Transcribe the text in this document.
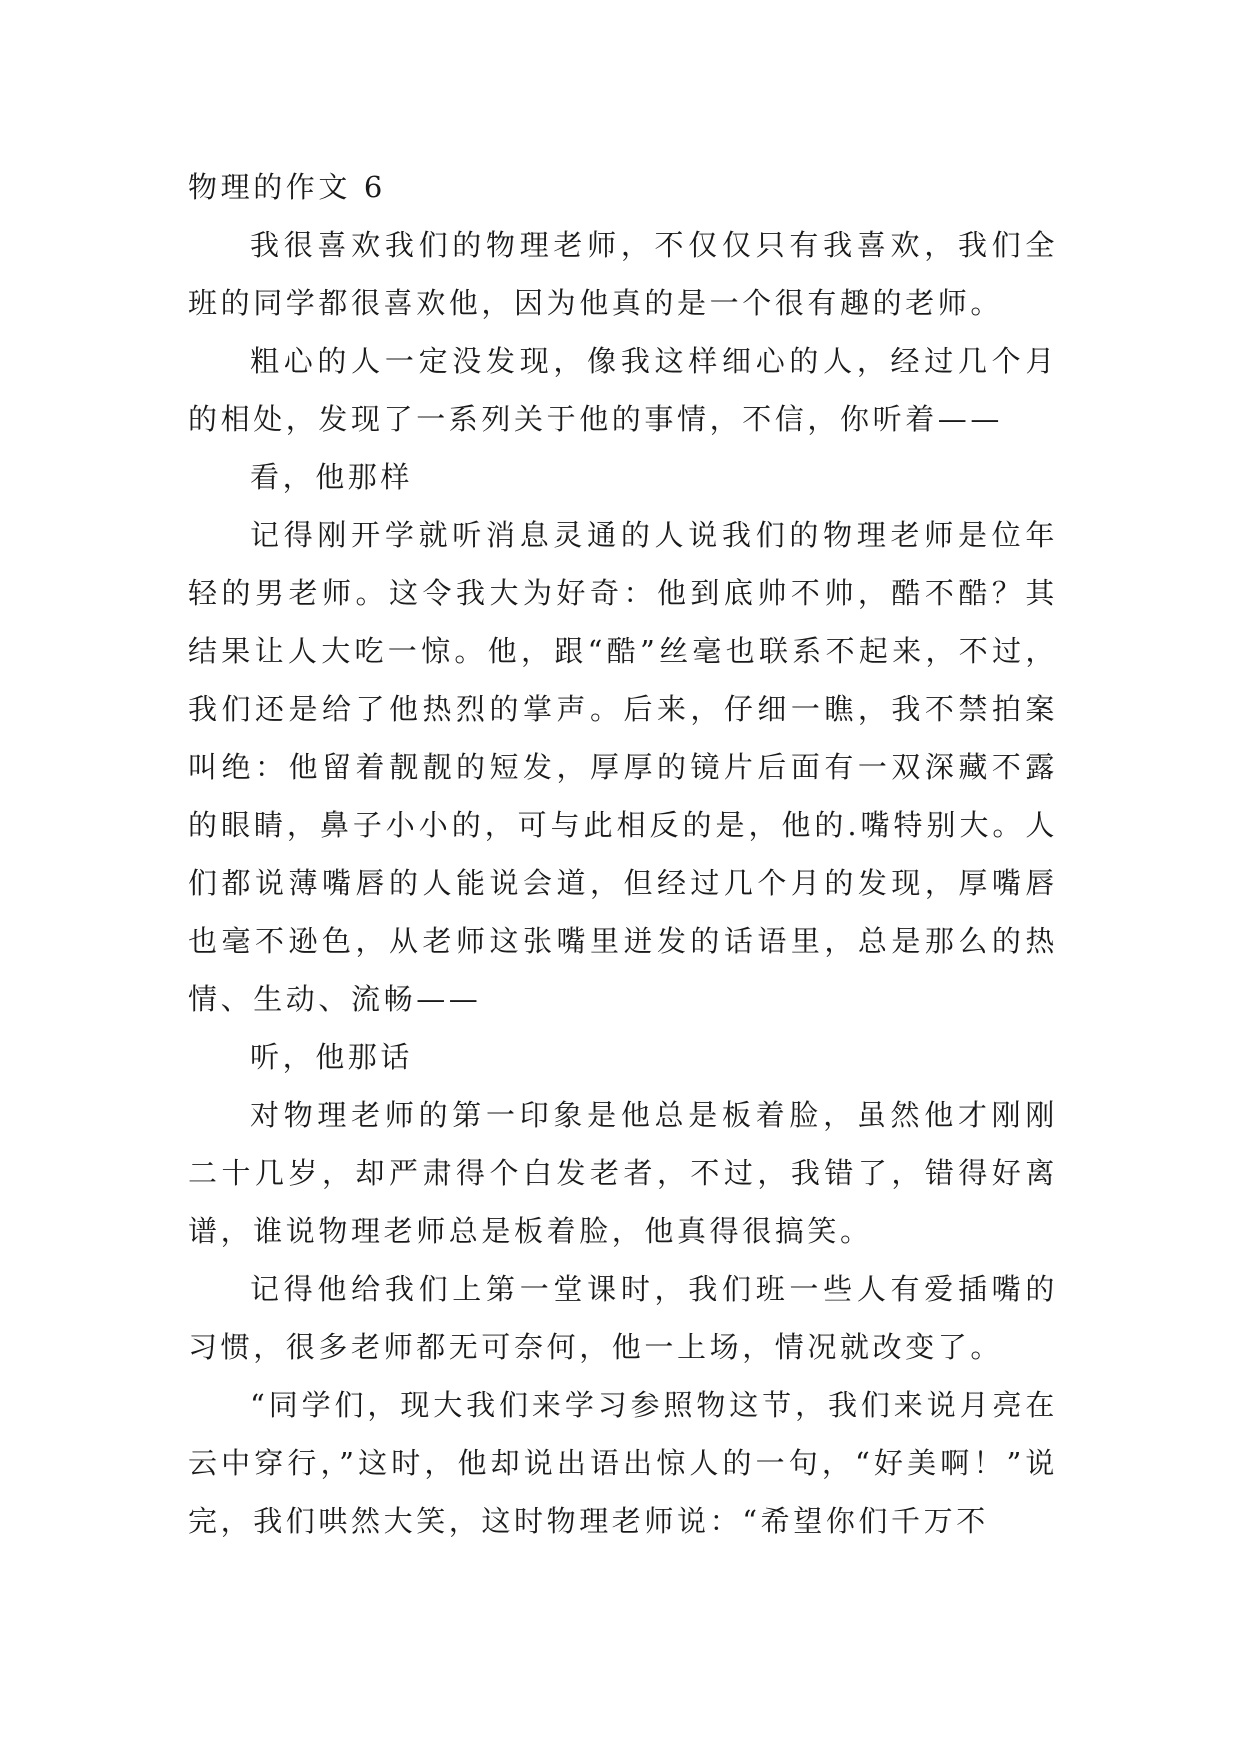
物理的作文 6

我很喜欢我们的物理老师，不仅仅只有我喜欢，我们全班的同学都很喜欢他，因为他真的是一个很有趣的老师。

粗心的人一定没发现，像我这样细心的人，经过几个月的相处，发现了一系列关于他的事情，不信，你听着——

看，他那样

记得刚开学就听消息灵通的人说我们的物理老师是位年轻的男老师。这令我大为好奇：他到底帅不帅，酷不酷？其结果让人大吃一惊。他，跟“酷”丝毫也联系不起来，不过，我们还是给了他热烈的掌声。后来，仔细一瞧，我不禁拍案叫绝：他留着靓靓的短发，厚厚的镜片后面有一双深藏不露的眼睛，鼻子小小的，可与此相反的是，他的.嘴特别大。人们都说薄嘴唇的人能说会道，但经过几个月的发现，厚嘴唇也毫不逊色，从老师这张嘴里迸发的话语里，总是那么的热情、生动、流畅——

听，他那话

对物理老师的第一印象是他总是板着脸，虽然他才刚刚二十几岁，却严肃得个白发老者，不过，我错了，错得好离谱，谁说物理老师总是板着脸，他真得很搞笑。

记得他给我们上第一堂课时，我们班一些人有爱插嘴的习惯，很多老师都无可奈何，他一上场，情况就改变了。

“同学们，现大我们来学习参照物这节，我们来说月亮在云中穿行，”这时，他却说出语出惊人的一句，“好美啊！”说完，我们哄然大笑，这时物理老师说：“希望你们千万不
